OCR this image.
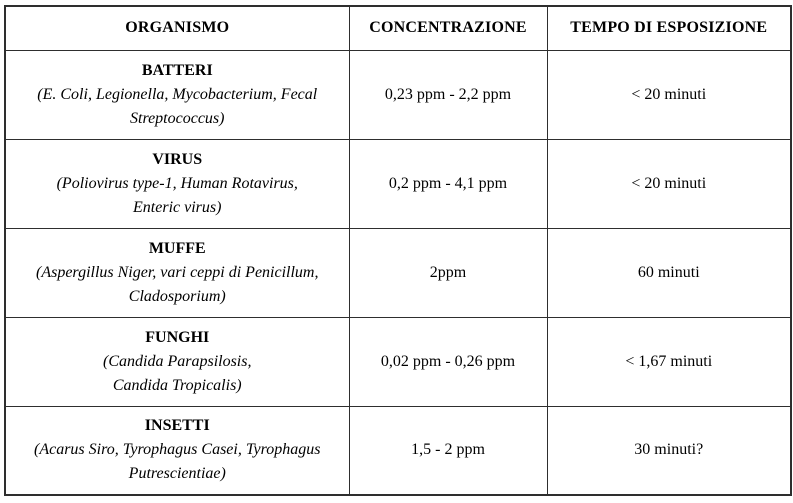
ORGANISMO	CONCENTRAZIONE	TEMPO DI ESPOSIZIONE

BATTERI
(E. Coli, Legionella, Mycobacterium, Fecal
Streptococcus)	0,23 ppm - 2,2 ppm	< 20 minuti

VIRUS
(Poliovirus type-1, Human Rotavirus,
Enteric virus)	0,2 ppm - 4,1 ppm	< 20 minuti

MUFFE
(Aspergillus Niger, vari ceppi di Penicillum,
Cladosporium)	2ppm	60 minuti

FUNGHI
(Candida Parapsilosis,
Candida Tropicalis)	0,02 ppm - 0,26 ppm	< 1,67 minuti

INSETTI
(Acarus Siro, Tyrophagus Casei, Tyrophagus
Putrescientiae)	1,5 - 2 ppm	30 minuti?
